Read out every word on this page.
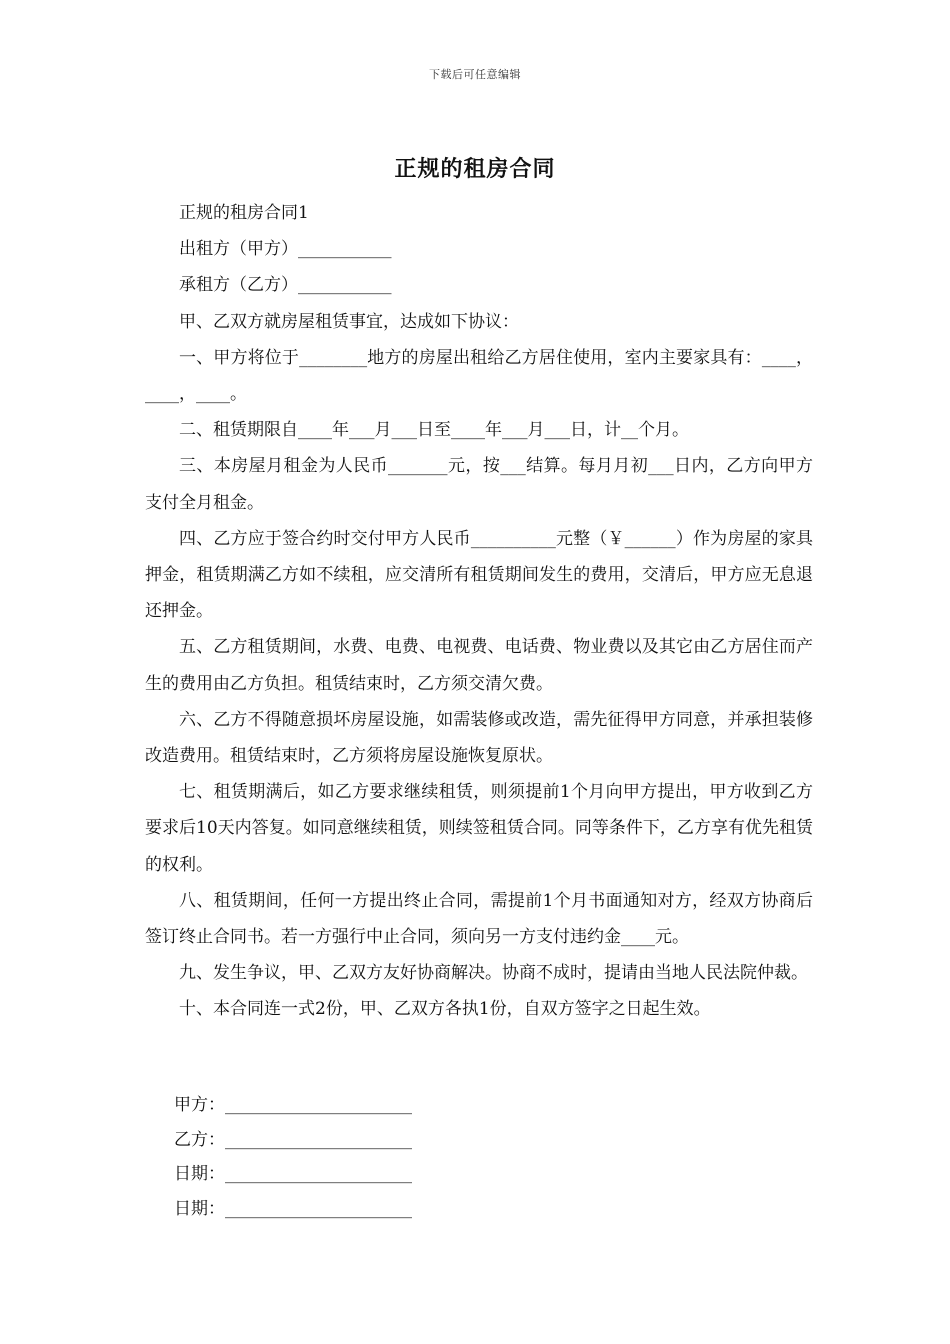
下载后可任意编辑
正规的租房合同

正规的租房合同1

出租方（甲方）___________

承租方（乙方）___________

甲、乙双方就房屋租赁事宜，达成如下协议：

一、甲方将位于________地方的房屋出租给乙方居住使用，室内主要家具有：____，____，____。

二、租赁期限自____年___月___日至____年___月___日，计__个月。

三、本房屋月租金为人民币_______元，按___结算。每月月初___日内，乙方向甲方支付全月租金。

四、乙方应于签合约时交付甲方人民币__________元整（￥______）作为房屋的家具押金，租赁期满乙方如不续租，应交清所有租赁期间发生的费用，交清后，甲方应无息退还押金。

五、乙方租赁期间，水费、电费、电视费、电话费、物业费以及其它由乙方居住而产生的费用由乙方负担。租赁结束时，乙方须交清欠费。

六、乙方不得随意损坏房屋设施，如需装修或改造，需先征得甲方同意，并承担装修改造费用。租赁结束时，乙方须将房屋设施恢复原状。

七、租赁期满后，如乙方要求继续租赁，则须提前1个月向甲方提出，甲方收到乙方要求后10天内答复。如同意继续租赁，则续签租赁合同。同等条件下，乙方享有优先租赁的权利。

八、租赁期间，任何一方提出终止合同，需提前1个月书面通知对方，经双方协商后签订终止合同书。若一方强行中止合同，须向另一方支付违约金____元。

九、发生争议，甲、乙双方友好协商解决。协商不成时，提请由当地人民法院仲裁。

十、本合同连一式2份，甲、乙双方各执1份，自双方签字之日起生效。

甲方：______________________
乙方：______________________
日期：______________________
日期：______________________
